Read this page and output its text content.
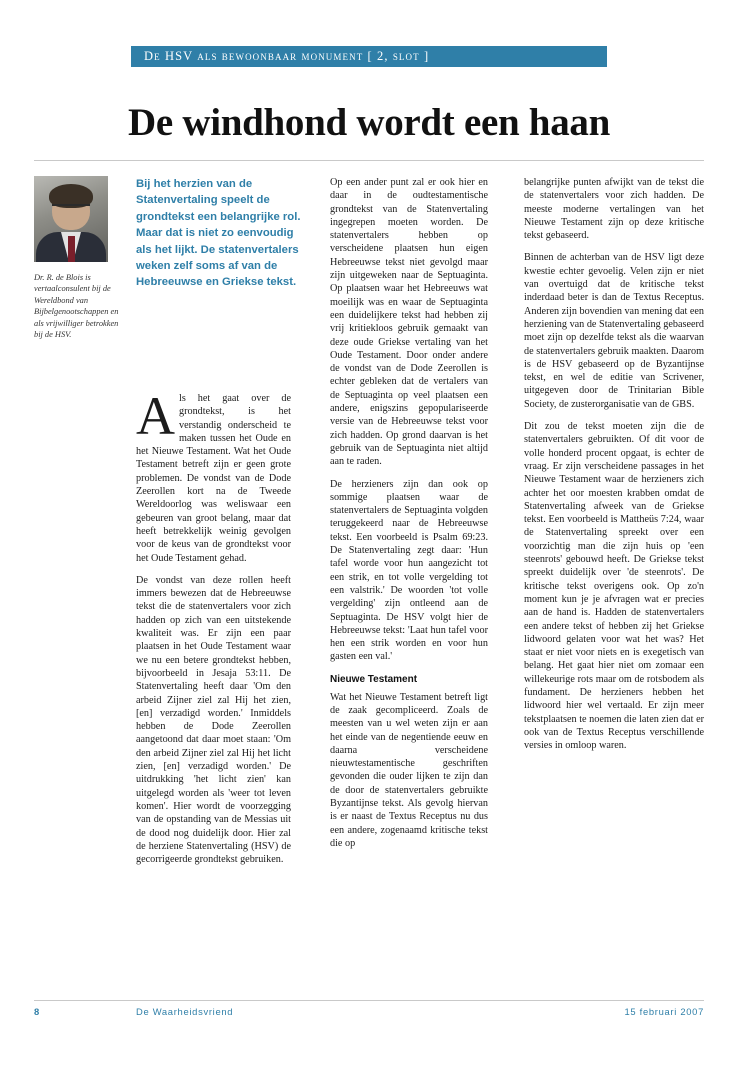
De HSV als bewoonbaar monument [ 2, slot ]
De windhond wordt een haan
Dr. R. de Blois is vertaalconsulent bij de Wereldbond van Bijbelgenootschappen en als vrijwilliger betrokken bij de HSV.
Bij het herzien van de Statenvertaling speelt de grondtekst een belangrijke rol. Maar dat is niet zo eenvoudig als het lijkt. De statenvertalers weken zelf soms af van de Hebreeuwse en Griekse tekst.

A ls het gaat over de grondtekst, is het verstandig onderscheid te maken tussen het Oude en het Nieuwe Testament. Wat het Oude Testament betreft zijn er geen grote problemen. De vondst van de Dode Zeerollen kort na de Tweede Wereldoorlog was weliswaar een gebeuren van groot belang, maar dat heeft betrekkelijk weinig gevolgen voor de keus van de grondtekst voor het Oude Testament gehad.

De vondst van deze rollen heeft immers bewezen dat de Hebreeuwse tekst die de statenvertalers voor zich hadden op zich van een uitstekende kwaliteit was. Er zijn een paar plaatsen in het Oude Testament waar we nu een betere grondtekst hebben, bijvoorbeeld in Jesaja 53:11. De Statenvertaling heeft daar 'Om den arbeid Zijner ziel zal Hij het zien, [en] verzadigd worden.' Inmiddels hebben de Dode Zeerollen aangetoond dat daar moet staan: 'Om den arbeid Zijner ziel zal Hij het licht zien, [en] verzadigd worden.' De uitdrukking 'het licht zien' kan uitgelegd worden als 'weer tot leven komen'. Hier wordt de voorzegging van de opstanding van de Messias uit de dood nog duidelijk door. Hier zal de herziene Statenvertaling (HSV) de gecorrigeerde grondtekst gebruiken.

Op een ander punt zal er ook hier en daar in de oudtestamentische grondtekst van de Statenvertaling ingegrepen moeten worden. De statenvertalers hebben op verscheidene plaatsen hun eigen Hebreeuwse tekst niet gevolgd maar zijn uitgeweken naar de Septuaginta. Op plaatsen waar het Hebreeuws wat moeilijk was en waar de Septuaginta een duidelijkere tekst had hebben zij vrij kritiekloos gebruik gemaakt van deze oude Griekse vertaling van het Oude Testament. Door onder andere de vondst van de Dode Zeerollen is echter gebleken dat de vertalers van de Septuaginta op veel plaatsen een andere, enigszins gepopulariseerde versie van de Hebreeuwse tekst voor zich hadden. Op grond daarvan is het gebruik van de Septuaginta niet altijd aan te raden.

De herzieners zijn dan ook op sommige plaatsen waar de statenvertalers de Septuaginta volgden teruggekeerd naar de Hebreeuwse tekst. Een voorbeeld is Psalm 69:23. De Statenvertaling zegt daar: 'Hun tafel worde voor hun aangezicht tot een strik, en tot volle vergelding tot een valstrik.' De woorden 'tot volle vergelding' zijn ontleend aan de Septuaginta. De HSV volgt hier de Hebreeuwse tekst: 'Laat hun tafel voor hen een strik worden en voor hun gasten een val.'

Nieuwe Testament

Wat het Nieuwe Testament betreft ligt de zaak gecompliceerd. Zoals de meesten van u wel weten zijn er aan het einde van de negentiende eeuw en daarna verscheidene nieuwtestamentische geschriften gevonden die ouder lijken te zijn dan de door de statenvertalers gebruikte Byzantijnse tekst. Als gevolg hiervan is er naast de Textus Receptus nu dus een andere, zogenaamd kritische tekst die op

belangrijke punten afwijkt van de tekst die de statenvertalers voor zich hadden. De meeste moderne vertalingen van het Nieuwe Testament zijn op deze kritische tekst gebaseerd.

Binnen de achterban van de HSV ligt deze kwestie echter gevoelig. Velen zijn er niet van overtuigd dat de kritische tekst inderdaad beter is dan de Textus Receptus. Anderen zijn bovendien van mening dat een herziening van de Statenvertaling gebaseerd moet zijn op dezelfde tekst als die waarvan de statenvertalers gebruik maakten. Daarom is de HSV gebaseerd op de Byzantijnse tekst, en wel de editie van Scrivener, uitgegeven door de Trinitarian Bible Society, de zusterorganisatie van de GBS.

Dit zou de tekst moeten zijn die de statenvertalers gebruikten. Of dit voor de volle honderd procent opgaat, is echter de vraag. Er zijn verscheidene passages in het Nieuwe Testament waar de herzieners zich achter het oor moesten krabben omdat de Statenvertaling afweek van de Griekse tekst. Een voorbeeld is Mattheüs 7:24, waar de Statenvertaling spreekt over een voorzichtig man die zijn huis op 'een steenrots' gebouwd heeft. De Griekse tekst spreekt duidelijk over 'de steenrots'. De kritische tekst overigens ook. Op zo'n moment kun je je afvragen wat er precies aan de hand is. Hadden de statenvertalers een andere tekst of hebben zij het Griekse lidwoord gelaten voor wat het was? Het staat er niet voor niets en is exegetisch van belang. Het gaat hier niet om zomaar een willekeurige rots maar om de rotsbodem als fundament. De herzieners hebben het lidwoord hier wel vertaald. Er zijn meer tekstplaatsen te noemen die laten zien dat er ook van de Textus Receptus verschillende versies in omloop waren.

8	De Waarheidsvriend	15 februari 2007
